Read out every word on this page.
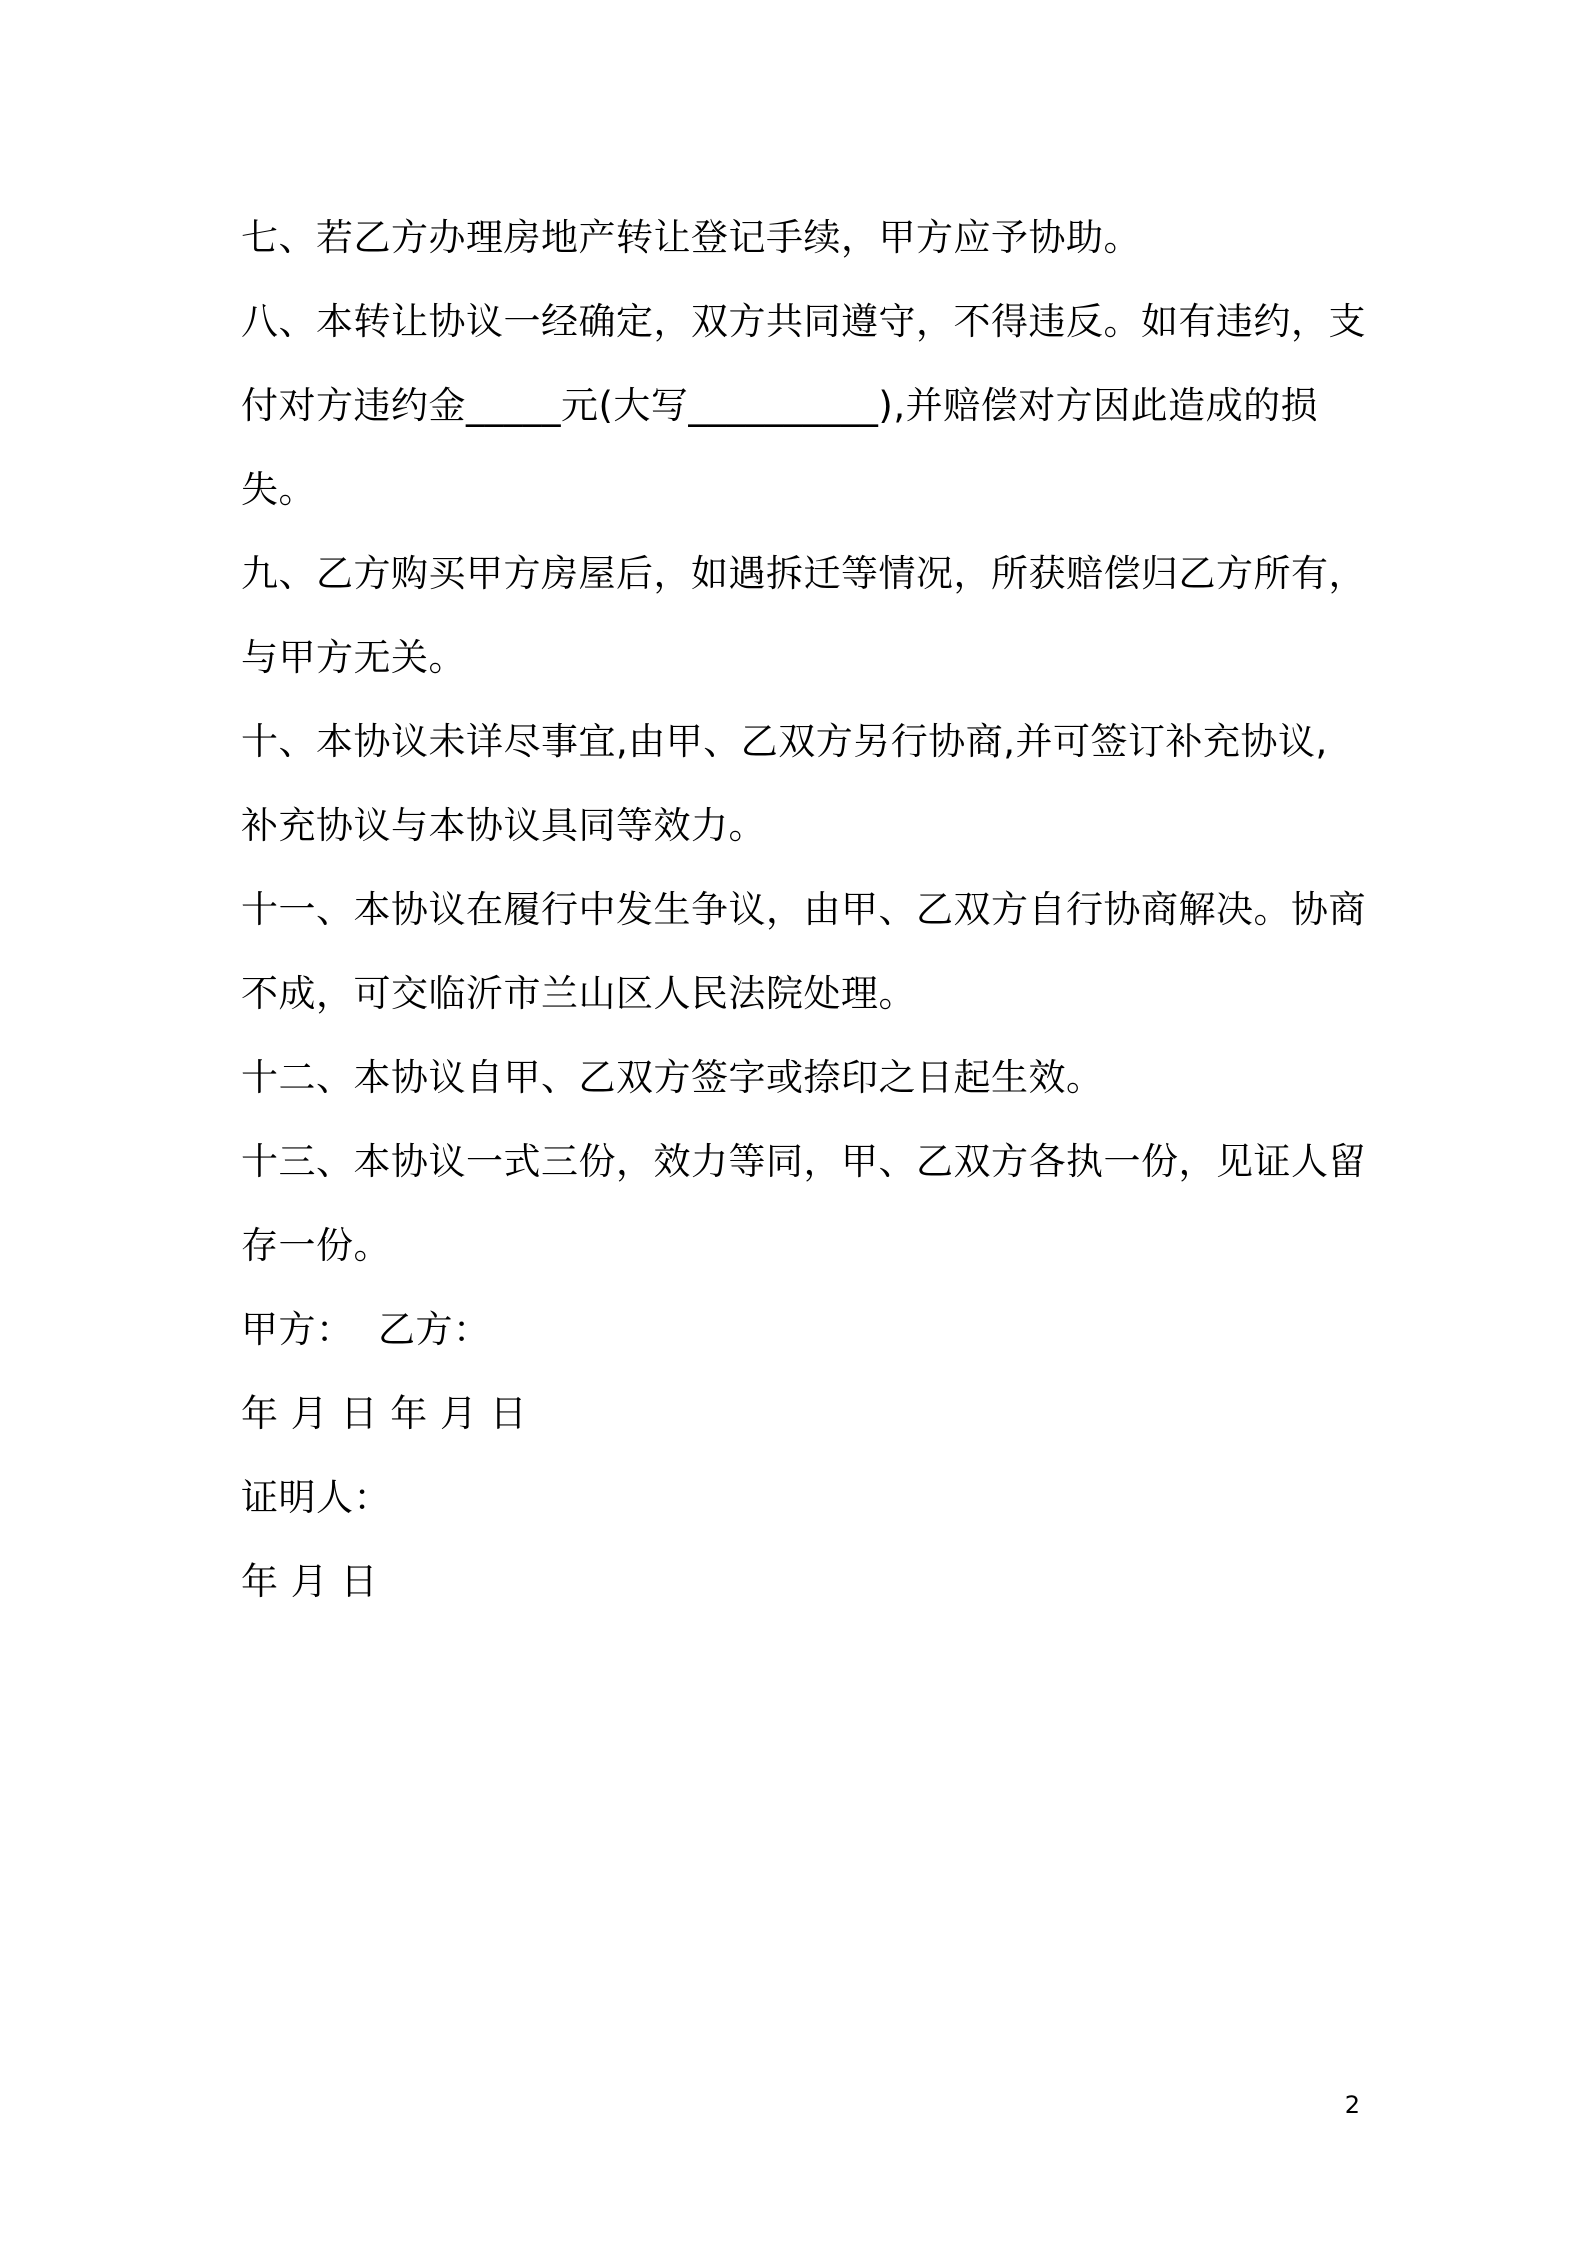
七、若乙方办理房地产转让登记手续，甲方应予协助。
八、本转让协议一经确定，双方共同遵守，不得违反。如有违约，支
付对方违约金_____元(大写__________),并赔偿对方因此造成的损
失。
九、乙方购买甲方房屋后，如遇拆迁等情况，所获赔偿归乙方所有，
与甲方无关。
十、本协议未详尽事宜,由甲、乙双方另行协商,并可签订补充协议,
补充协议与本协议具同等效力。
十一、本协议在履行中发生争议，由甲、乙双方自行协商解决。协商
不成，可交临沂市兰山区人民法院处理。
十二、本协议自甲、乙双方签字或捺印之日起生效。
十三、本协议一式三份，效力等同，甲、乙双方各执一份，见证人留
存一份。
甲方：  乙方：
年 月 日 年 月 日
证明人：
年 月 日
2
